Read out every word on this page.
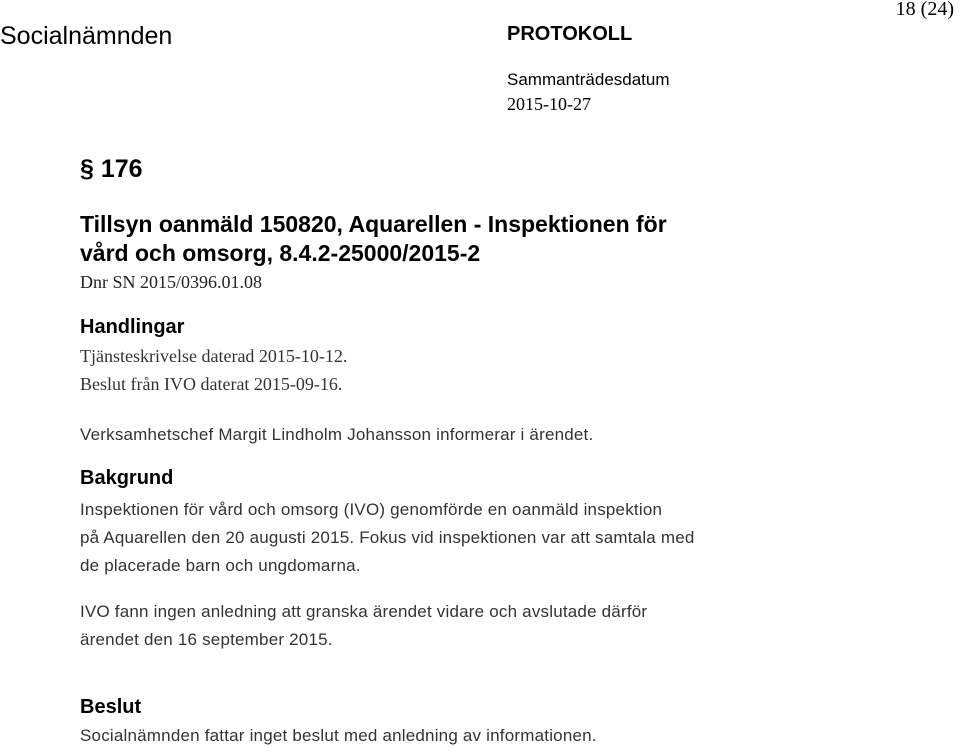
Socialnämnden	PROTOKOLL
18 (24)
Sammanträdesdatum
2015-10-27
§ 176
Tillsyn oanmäld 150820, Aquarellen - Inspektionen för
vård och omsorg, 8.4.2-25000/2015-2
Dnr SN 2015/0396.01.08
Handlingar
Tjänsteskrivelse daterad 2015-10-12.
Beslut från IVO daterat 2015-09-16.
Verksamhetschef Margit Lindholm Johansson informerar i ärendet.
Bakgrund
Inspektionen för vård och omsorg (IVO) genomförde en oanmäld inspektion
på Aquarellen den 20 augusti 2015. Fokus vid inspektionen var att samtala med
de placerade barn och ungdomarna.
IVO fann ingen anledning att granska ärendet vidare och avslutade därför
ärendet den 16 september 2015.
Beslut
Socialnämnden fattar inget beslut med anledning av informationen.
